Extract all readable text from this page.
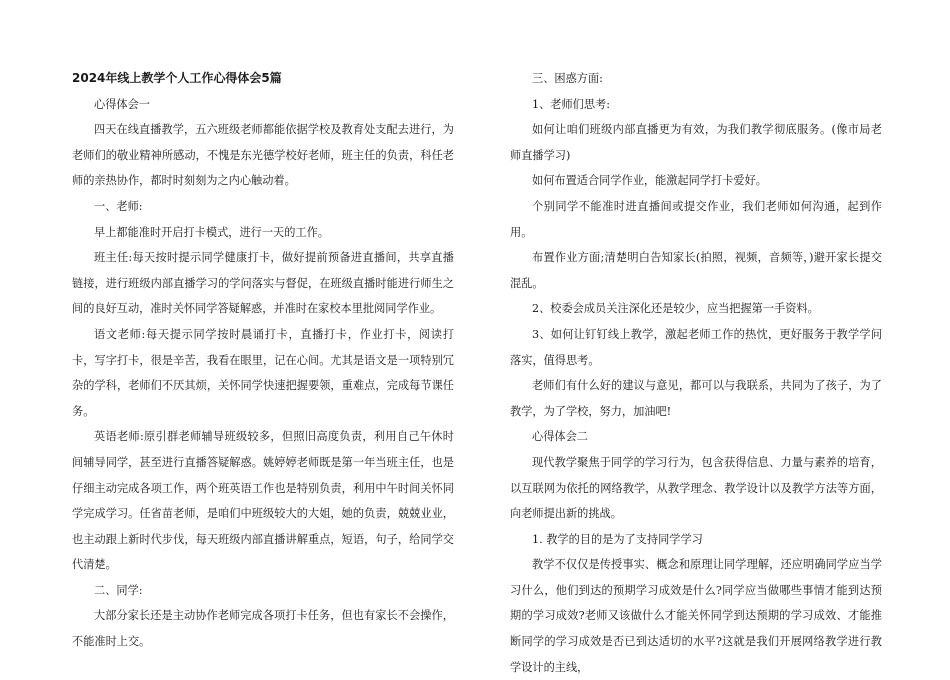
2024年线上教学个人工作心得体会5篇

心得体会一

四天在线直播教学，五六班级老师都能依据学校及教育处支配去进行，为老师们的敬业精神所感动，不愧是东光德学校好老师，班主任的负责，科任老师的亲热协作，都时时刻刻为之内心触动着。

一、老师:

早上都能准时开启打卡模式，进行一天的工作。

班主任:每天按时提示同学健康打卡，做好提前预备进直播间，共享直播链接，进行班级内部直播学习的学问落实与督促，在班级直播时能进行师生之间的良好互动，准时关怀同学答疑解惑，并准时在家校本里批阅同学作业。

语文老师:每天提示同学按时晨诵打卡，直播打卡，作业打卡，阅读打卡，写字打卡，很是辛苦，我看在眼里，记在心间。尤其是语文是一项特别冗杂的学科，老师们不厌其烦，关怀同学快速把握要领，重难点，完成每节课任务。

英语老师:原引群老师辅导班级较多，但照旧高度负责，利用自己午休时间辅导同学，甚至进行直播答疑解惑。姚婷婷老师既是第一年当班主任，也是仔细主动完成各项工作，两个班英语工作也是特别负责，利用中午时间关怀同学完成学习。任省苗老师，是咱们中班级较大的大姐，她的负责，兢兢业业，也主动跟上新时代步伐，每天班级内部直播讲解重点，短语，句子，给同学交代清楚。

二、同学:

大部分家长还是主动协作老师完成各项打卡任务，但也有家长不会操作，不能准时上交。

三、困惑方面:

1、老师们思考:

如何让咱们班级内部直播更为有效，为我们教学彻底服务。(像市局老师直播学习)

如何布置适合同学作业，能激起同学打卡爱好。

个别同学不能准时进直播间或提交作业，我们老师如何沟通，起到作用。

布置作业方面;清楚明白告知家长(拍照，视频，音频等，)避开家长提交混乱。

2、校委会成员关注深化还是较少，应当把握第一手资料。

3、如何让钉钉线上教学，激起老师工作的热忱，更好服务于教学学问落实，值得思考。

老师们有什么好的建议与意见，都可以与我联系，共同为了孩子，为了教学，为了学校，努力，加油吧!

心得体会二

现代教学聚焦于同学的学习行为，包含获得信息、力量与素养的培育，以互联网为依托的网络教学，从教学理念、教学设计以及教学方法等方面，向老师提出新的挑战。

1. 教学的目的是为了支持同学学习

教学不仅仅是传授事实、概念和原理让同学理解，还应明确同学应当学习什么，他们到达的预期学习成效是什么?同学应当做哪些事情才能到达预期的学习成效?老师又该做什么才能关怀同学到达预期的学习成效、才能推断同学的学习成效是否已到达适切的水平?这就是我们开展网络教学进行教学设计的主线，
